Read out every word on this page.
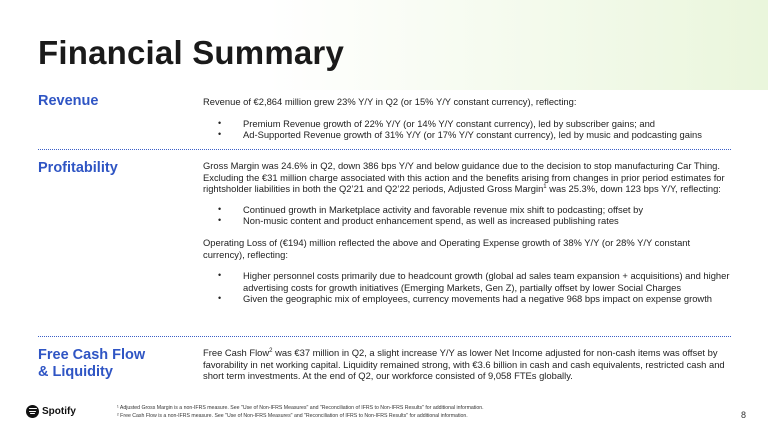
Financial Summary
Revenue	Revenue of €2,864 million grew 23% Y/Y in Q2 (or 15% Y/Y constant currency), reflecting:

• Premium Revenue growth of 22% Y/Y (or 14% Y/Y constant currency), led by subscriber gains; and
• Ad-Supported Revenue growth of 31% Y/Y (or 17% Y/Y constant currency), led by music and podcasting gains
Profitability	Gross Margin was 24.6% in Q2, down 386 bps Y/Y and below guidance due to the decision to stop manufacturing Car Thing. Excluding the €31 million charge associated with this action and the benefits arising from changes in prior period estimates for rightsholder liabilities in both the Q2’21 and Q2’22 periods, Adjusted Gross Margin$^1$ was 25.3%, down 123 bps Y/Y, reflecting:

• Continued growth in Marketplace activity and favorable revenue mix shift to podcasting; offset by
• Non-music content and product enhancement spend, as well as increased publishing rates

Operating Loss of (€194) million reflected the above and Operating Expense growth of 38% Y/Y (or 28% Y/Y constant currency), reflecting:

• Higher personnel costs primarily due to headcount growth (global ad sales team expansion + acquisitions) and higher advertising costs for growth initiatives (Emerging Markets, Gen Z), partially offset by lower Social Charges
• Given the geographic mix of employees, currency movements had a negative 968 bps impact on expense growth
Free Cash Flow
& Liquidity

Free Cash Flow$^2$ was €37 million in Q2, a slight increase Y/Y as lower Net Income adjusted for non-cash items was offset by favorability in net working capital. Liquidity remained strong, with €3.6 billion in cash and cash equivalents, restricted cash and short term investments. At the end of Q2, our workforce consisted of 9,058 FTEs globally.

Spotify	¹ Adjusted Gross Margin is a non-IFRS measure. See "Use of Non-IFRS Measures" and "Reconciliation of IFRS to Non-IFRS Results" for additional information.

² Free Cash Flow is a non-IFRS measure. See "Use of Non-IFRS Measures" and "Reconciliation of IFRS to Non-IFRS Results" for additional information.	8
